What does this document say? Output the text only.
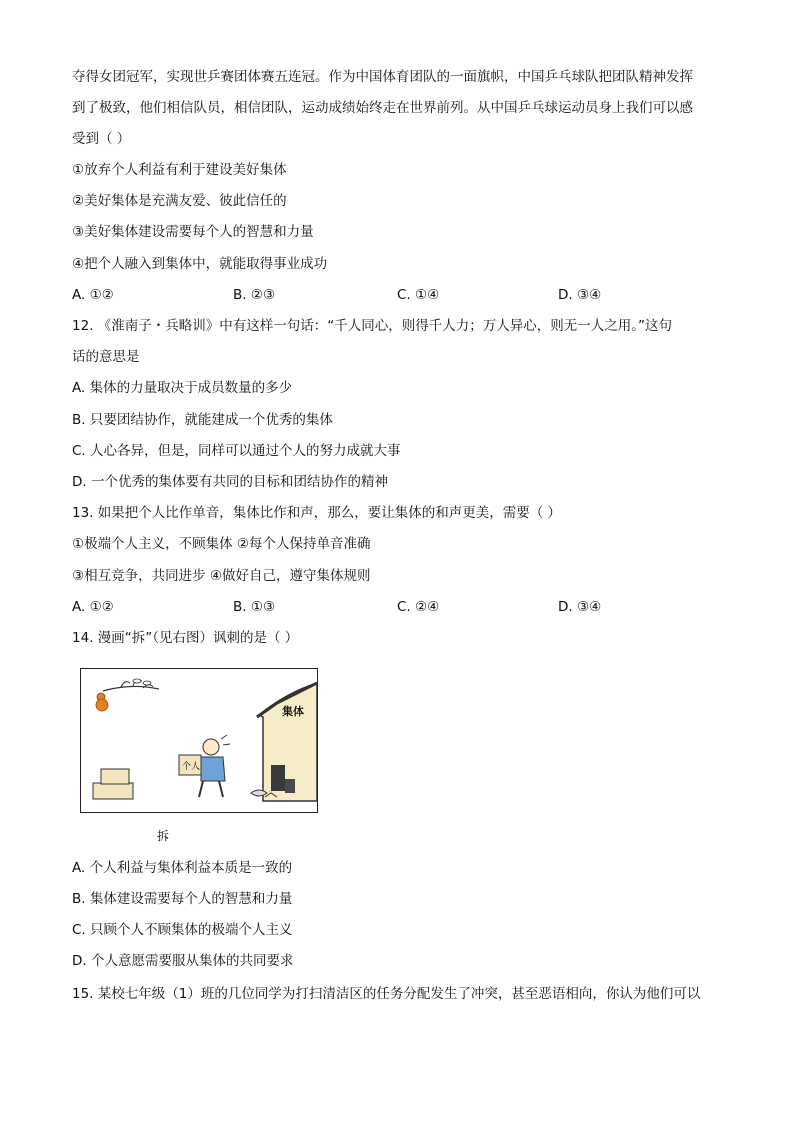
夺得女团冠军，实现世乒赛团体赛五连冠。作为中国体育团队的一面旗帜，中国乒乓球队把团队精神发挥
到了极致，他们相信队员，相信团队，运动成绩始终走在世界前列。从中国乒乓球运动员身上我们可以感
受到（ ）
①放弃个人利益有利于建设美好集体
②美好集体是充满友爱、彼此信任的
③美好集体建设需要每个人的智慧和力量
④把个人融入到集体中，就能取得事业成功
A. ①②	B. ②③	C. ①④	D. ③④
12. 《淮南子・兵略训》中有这样一句话：“千人同心，则得千人力；万人异心，则无一人之用。”这句
话的意思是
A. 集体的力量取决于成员数量的多少
B. 只要团结协作，就能建成一个优秀的集体
C. 人心各异，但是，同样可以通过个人的努力成就大事
D. 一个优秀的集体要有共同的目标和团结协作的精神
13. 如果把个人比作单音，集体比作和声，那么，要让集体的和声更美，需要（ ）
①极端个人主义，不顾集体 ②每个人保持单音准确
③相互竞争，共同进步 ④做好自己，遵守集体规则
A. ①②	B. ①③	C. ②④	D. ③④
14. 漫画“拆”（见右图）讽刺的是（ ）
集体
个人
拆
A. 个人利益与集体利益本质是一致的
B. 集体建设需要每个人的智慧和力量
C. 只顾个人不顾集体的极端个人主义
D. 个人意愿需要服从集体的共同要求
15. 某校七年级（1）班的几位同学为打扫清洁区的任务分配发生了冲突，甚至恶语相向，你认为他们可以
